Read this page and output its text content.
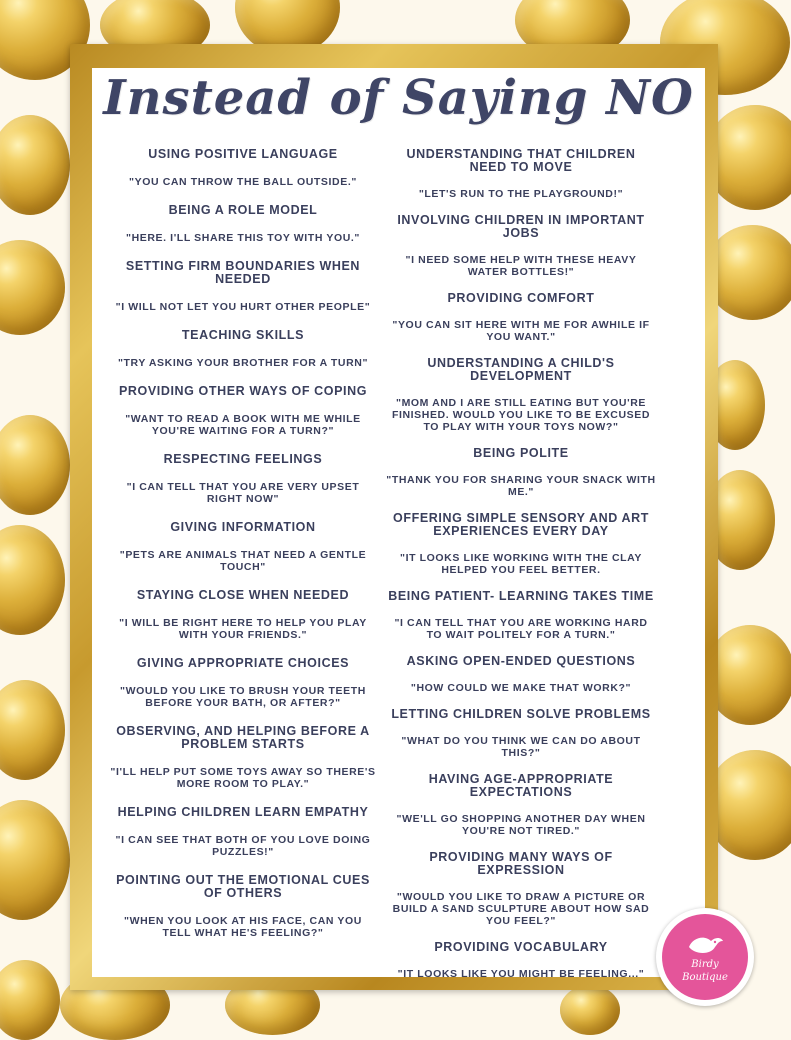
Instead of Saying NO
USING POSITIVE LANGUAGE
"YOU CAN THROW THE BALL OUTSIDE."
BEING A ROLE MODEL
"HERE. I'LL SHARE THIS TOY WITH YOU."
SETTING FIRM BOUNDARIES WHEN NEEDED
"I WILL NOT LET YOU HURT OTHER PEOPLE"
TEACHING SKILLS
"TRY ASKING YOUR BROTHER FOR A TURN"
PROVIDING OTHER WAYS OF COPING
"WANT TO READ A BOOK WITH ME WHILE YOU'RE WAITING FOR A TURN?"
RESPECTING FEELINGS
"I CAN TELL THAT YOU ARE VERY UPSET RIGHT NOW"
GIVING INFORMATION
"PETS ARE ANIMALS THAT NEED A GENTLE TOUCH"
STAYING CLOSE WHEN NEEDED
"I WILL BE RIGHT HERE TO HELP YOU PLAY WITH YOUR FRIENDS."
GIVING APPROPRIATE CHOICES
"WOULD YOU LIKE TO BRUSH YOUR TEETH BEFORE YOUR BATH, OR AFTER?"
OBSERVING, AND HELPING BEFORE A PROBLEM STARTS
"I'LL HELP PUT SOME TOYS AWAY SO THERE'S MORE ROOM TO PLAY."
HELPING CHILDREN LEARN EMPATHY
"I CAN SEE THAT BOTH OF YOU LOVE DOING PUZZLES!"
POINTING OUT THE EMOTIONAL CUES OF OTHERS
"WHEN YOU LOOK AT HIS FACE, CAN YOU TELL WHAT HE'S FEELING?"
UNDERSTANDING THAT CHILDREN NEED TO MOVE
"LET'S RUN TO THE PLAYGROUND!"
INVOLVING CHILDREN IN IMPORTANT JOBS
"I NEED SOME HELP WITH THESE HEAVY WATER BOTTLES!"
PROVIDING COMFORT
"YOU CAN SIT HERE WITH ME FOR AWHILE IF YOU WANT."
UNDERSTANDING A CHILD'S DEVELOPMENT
"MOM AND I ARE STILL EATING BUT YOU'RE FINISHED. WOULD YOU LIKE TO BE EXCUSED TO PLAY WITH YOUR TOYS NOW?"
BEING POLITE
"THANK YOU FOR SHARING YOUR SNACK WITH ME."
OFFERING SIMPLE SENSORY AND ART EXPERIENCES EVERY DAY
"IT LOOKS LIKE WORKING WITH THE CLAY HELPED YOU FEEL BETTER.
BEING PATIENT- LEARNING TAKES TIME
"I CAN TELL THAT YOU ARE WORKING HARD TO WAIT POLITELY FOR A TURN."
ASKING OPEN-ENDED QUESTIONS
"HOW COULD WE MAKE THAT WORK?"
LETTING CHILDREN SOLVE PROBLEMS
"WHAT DO YOU THINK WE CAN DO ABOUT THIS?"
HAVING AGE-APPROPRIATE EXPECTATIONS
"WE'LL GO SHOPPING ANOTHER DAY WHEN YOU'RE NOT TIRED."
PROVIDING MANY WAYS OF EXPRESSION
"WOULD YOU LIKE TO DRAW A PICTURE OR BUILD A SAND SCULPTURE ABOUT HOW SAD YOU FEEL?"
PROVIDING VOCABULARY
"IT LOOKS LIKE YOU MIGHT BE FEELING..."
Birdy
Boutique
